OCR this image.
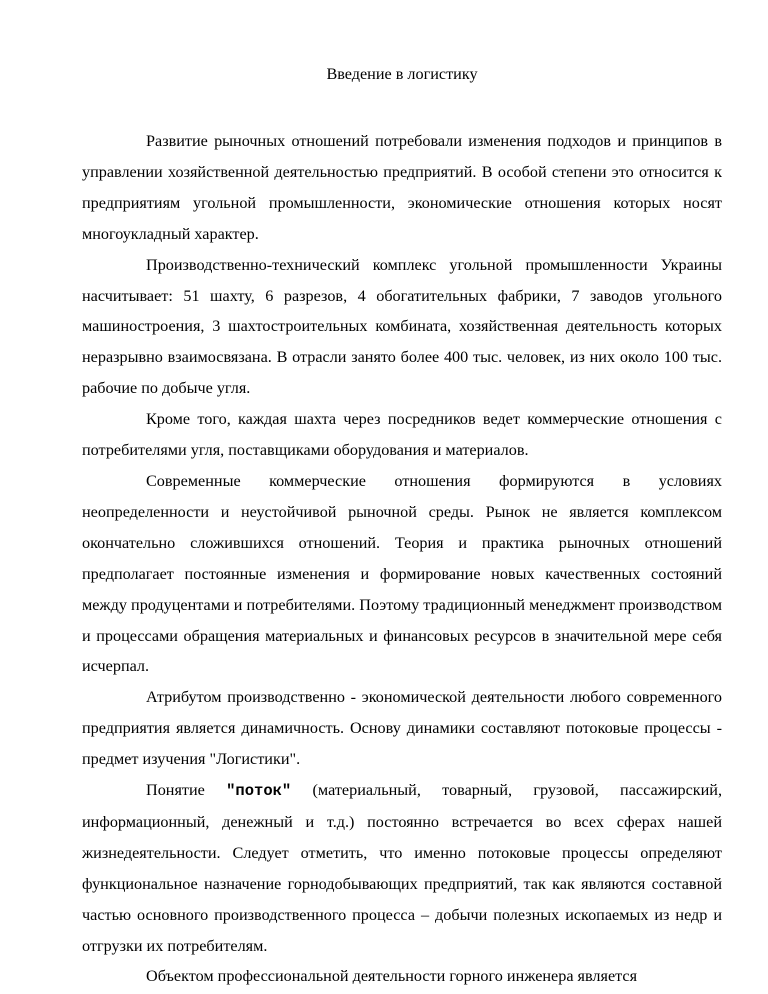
Введение в логистику

Развитие рыночных отношений потребовали изменения подходов и принципов в управлении хозяйственной деятельностью предприятий. В особой степени это относится к предприятиям угольной промышленности, экономические отношения которых носят многоукладный характер.

Производственно-технический комплекс угольной промышленности Украины насчитывает: 51 шахту, 6 разрезов, 4 обогатительных фабрики, 7 заводов угольного машиностроения, 3 шахтостроительных комбината, хозяйственная деятельность которых неразрывно взаимосвязана. В отрасли занято более 400 тыс. человек, из них около 100 тыс. рабочие по добыче угля.

Кроме того, каждая шахта через посредников ведет коммерческие отношения с потребителями угля, поставщиками оборудования и материалов.

Современные коммерческие отношения формируются в условиях неопределенности и неустойчивой рыночной среды. Рынок не является комплексом окончательно сложившихся отношений. Теория и практика рыночных отношений предполагает постоянные изменения и формирование новых качественных состояний между продуцентами и потребителями. Поэтому традиционный менеджмент производством и процессами обращения материальных и финансовых ресурсов в значительной мере себя исчерпал.

Атрибутом производственно - экономической деятельности любого современного предприятия является динамичность. Основу динамики составляют потоковые процессы - предмет изучения "Логистики".

Понятие "поток" (материальный, товарный, грузовой, пассажирский, информационный, денежный и т.д.) постоянно встречается во всех сферах нашей жизнедеятельности. Следует отметить, что именно потоковые процессы определяют функциональное назначение горнодобывающих предприятий, так как являются составной частью основного производственного процесса – добычи полезных ископаемых из недр и отгрузки их потребителям.

Объектом профессиональной деятельности горного инженера является
